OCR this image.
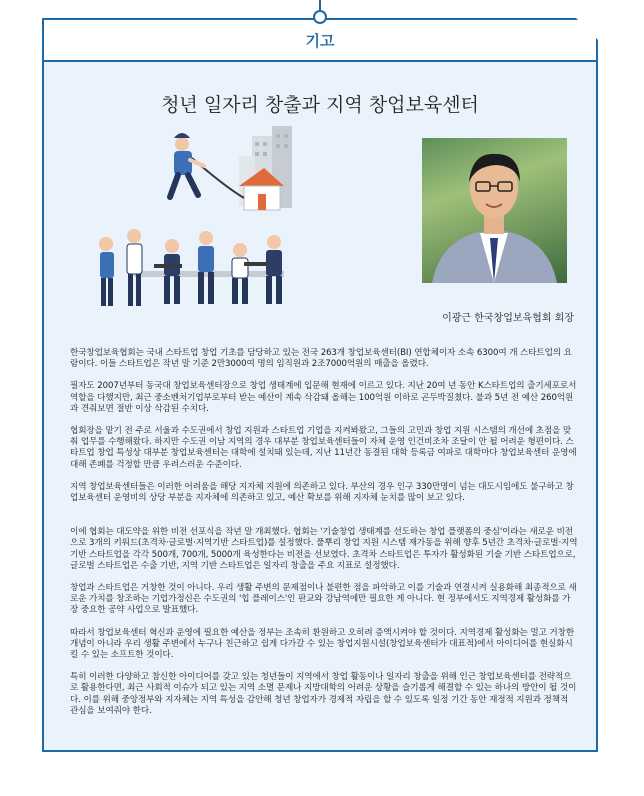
기고
청년 일자리 창출과 지역 창업보육센터
이광근 한국창업보육협회 회장

한국창업보육협회는 국내 스타트업 창업 기초를 담당하고 있는 전국 263개 창업보육센터(BI) 연합체이자 소속 6300여 개 스타트업의 요람이다. 이들 스타트업은 작년 말 기준 2만3000여 명의 임직원과 2조7000억원의 매출을 올렸다.

필자도 2007년부터 동국대 창업보육센터장으로 창업 생태계에 입문해 현재에 이르고 있다. 지난 20여 년 동안 K스타트업의 출기세포로서 역할을 다했지만, 최근 중소벤처기업부로부터 받는 예산이 계속 삭감돼 올해는 100억원 이하로 곤두박질쳤다. 불과 5년 전 예산 260억원과 견줘보면 절반 이상 삭감된 수치다.

협회장을 맡기 전 주로 서울과 수도권에서 창업 지원과 스타트업 기업을 지켜봐왔고, 그들의 고민과 창업 지원 시스템의 개선에 초점을 맞춰 업무를 수행해왔다. 하지만 수도권 이남 지역의 경우 대부분 창업보육센터들이 자체 운영 인건비조차 조달이 안 될 어려운 형편이다. 스타트업 창업 특성상 대부분 창업보육센터는 대학에 설치돼 있는데, 지난 11년간 동결된 대학 등록금 여파로 대학마다 창업보육센터 운영에 대해 존폐를 걱정할 만큼 우려스러운 수준이다.

지역 창업보육센터들은 이러한 어려움을 해당 지자체 지원에 의존하고 있다. 부산의 경우 인구 330만명이 넘는 대도시임에도 불구하고 창업보육센터 운영비의 상당 부분을 지자체에 의존하고 있고, 예산 확보를 위해 지자체 눈치를 많이 보고 있다.

이에 협회는 대도약을 위한 비전 선포식을 작년 말 개최했다. 협회는 '기술창업 생태계를 선도하는 창업 플랫폼의 중심'이라는 새로운 비전으로 3개의 키워드(초격차·글로벌·지역기반 스타트업)를 설정했다. 풀뿌리 창업 지원 시스템 재가동을 위해 향후 5년간 초격차·글로벌·지역기반 스타트업을 각각 500개, 700개, 5000개 육성한다는 비전을 선보였다. 초격차 스타트업은 투자가 활성화된 기술 기반 스타트업으로, 글로벌 스타트업은 수출 기반, 지역 기반 스타트업은 일자리 창출을 주요 지표로 설정했다.

창업과 스타트업은 거창한 것이 아니다. 우리 생활 주변의 문제점이나 불편한 점을 파악하고 이를 기술과 연결시켜 실용화해 최종적으로 새로운 가치를 창조하는 기업가정신은 수도권의 '힙 플레이스'인 판교와 강남역에만 필요한 게 아니다. 현 정부에서도 지역경제 활성화를 가장 중요한 공약 사업으로 발표했다.

따라서 창업보육센터 혁신과 운영에 필요한 예산을 정부는 조속히 환원하고 오히려 증액시켜야 할 것이다. 지역경제 활성화는 멀고 거창한 개념이 아니라 우리 생활 주변에서 누구나 친근하고 쉽게 다가갈 수 있는 창업지원시설(창업보육센터가 대표적)에서 아이디어를 현실화시킬 수 있는 소프트한 것이다.

특히 이러한 다양하고 참신한 아이디어를 갖고 있는 청년들이 지역에서 창업 활동이나 일자리 창출을 위해 인근 창업보육센터를 전략적으로 활용한다면, 최근 사회적 이슈가 되고 있는 지역 소멸 문제나 지방대학의 어려운 상황을 슬기롭게 해결할 수 있는 하나의 방안이 될 것이다. 이를 위해 중앙정부와 지자체는 지역 특성을 감안해 청년 창업자가 경제적 자립을 할 수 있도록 일정 기간 동안 재정적 지원과 정책적 관심을 보여줘야 한다.
